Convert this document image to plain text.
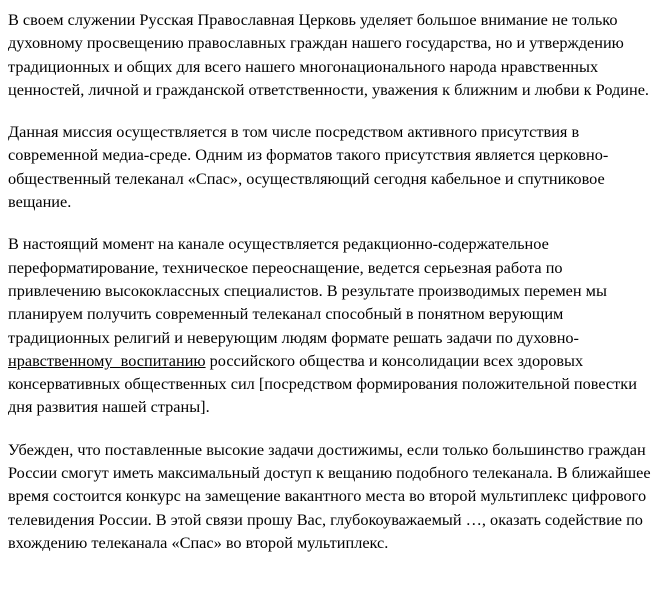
В своем служении Русская Православная Церковь уделяет большое внимание не только духовному просвещению православных граждан нашего государства, но и утверждению традиционных и общих для всего нашего многонационального народа нравственных ценностей, личной и гражданской ответственности, уважения к ближним и любви к Родине.

Данная миссия осуществляется в том числе посредством активного присутствия в современной медиа-среде. Одним из форматов такого присутствия является церковно-общественный телеканал «Спас», осуществляющий сегодня кабельное и спутниковое вещание.

В настоящий момент на канале осуществляется редакционно-содержательное переформатирование, техническое переоснащение, ведется серьезная работа по привлечению высококлассных специалистов. В результате производимых перемен мы планируем получить современный телеканал способный в понятном верующим традиционных религий и неверующим людям формате решать задачи по духовно-нравственному  воспитанию российского общества и консолидации всех здоровых консервативных общественных сил [посредством формирования положительной повестки дня развития нашей страны].

Убежден, что поставленные высокие задачи достижимы, если только большинство граждан России смогут иметь максимальный доступ к вещанию подобного телеканала. В ближайшее время состоится конкурс на замещение вакантного места во второй мультиплекс цифрового телевидения России. В этой связи прошу Вас, глубокоуважаемый …, оказать содействие по вхождению телеканала «Спас» во второй мультиплекс.
